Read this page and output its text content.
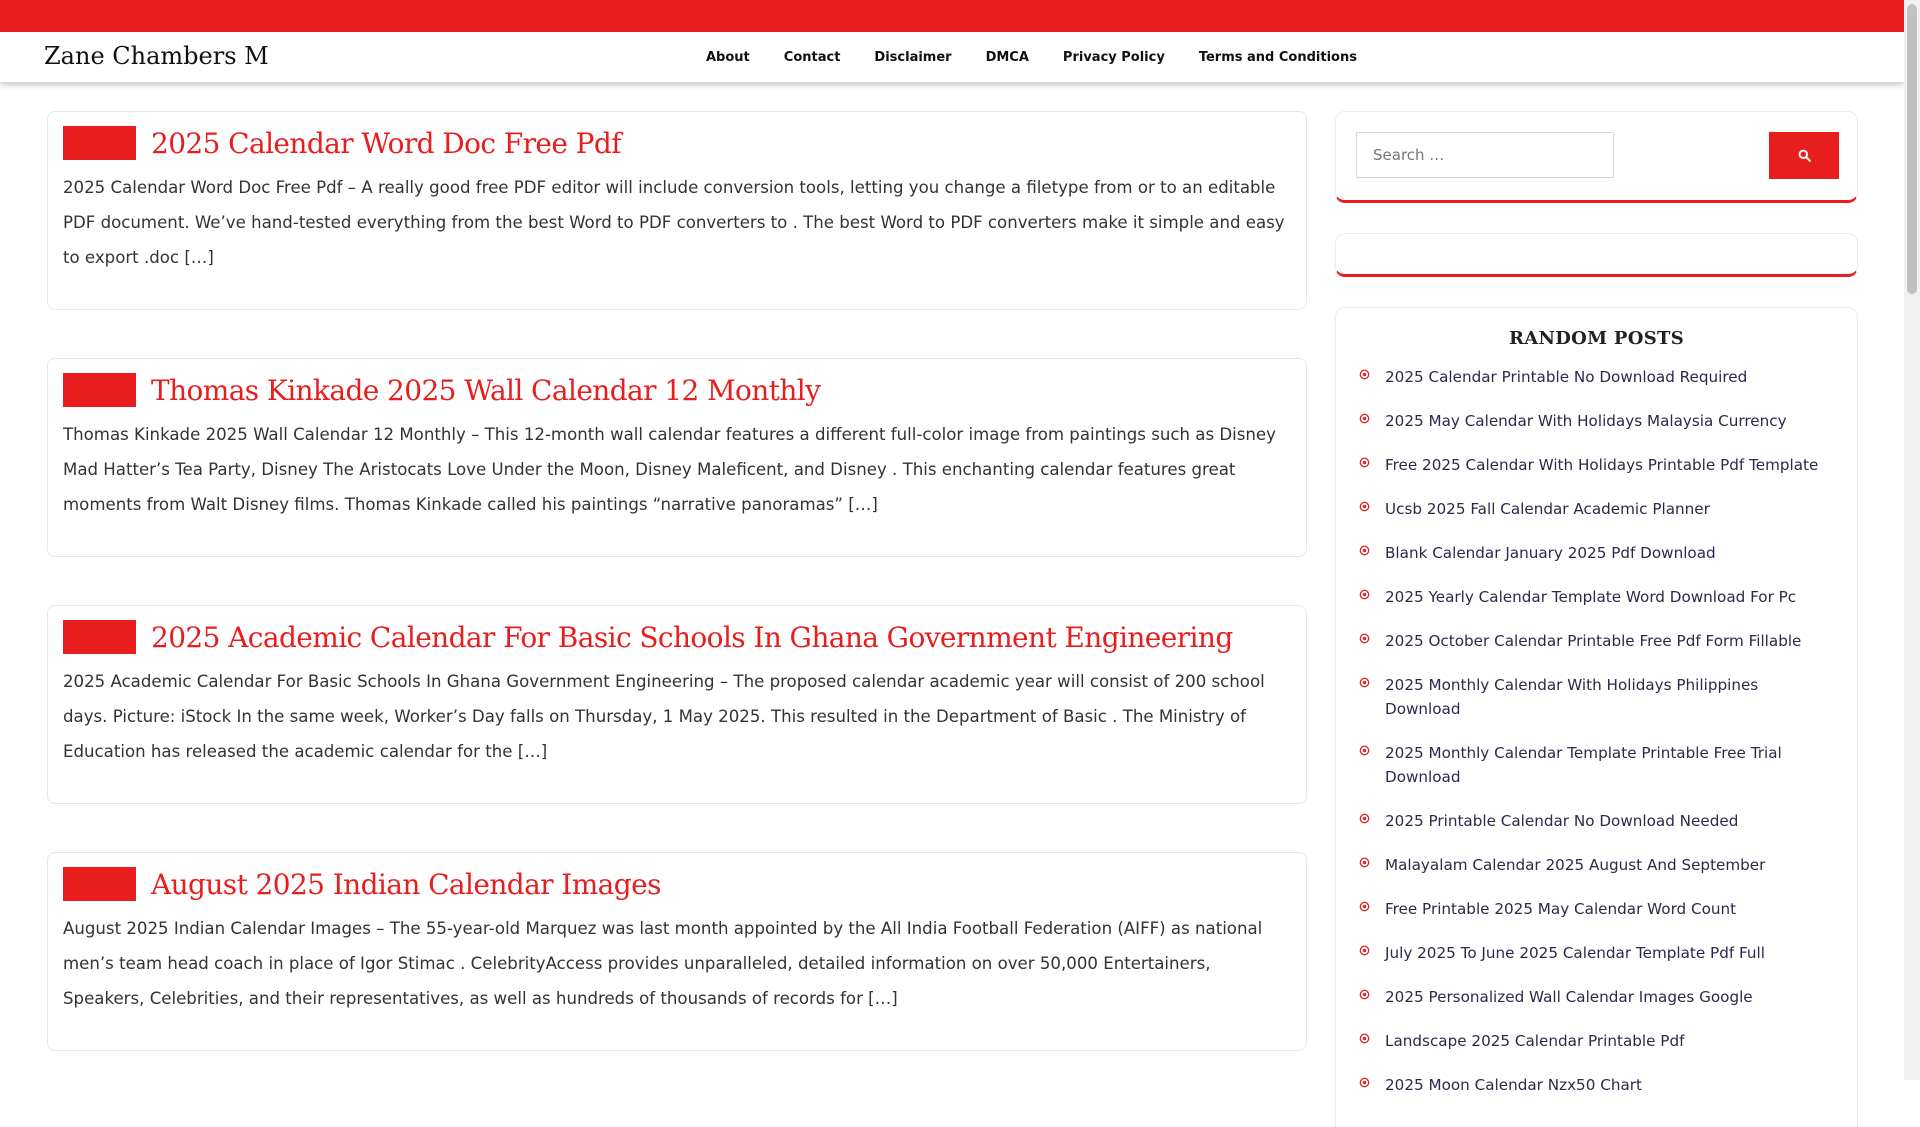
Zane Chambers M	About	Contact	Disclaimer	DMCA	Privacy Policy	Terms and Conditions
2025 Calendar Word Doc Free Pdf

2025 Calendar Word Doc Free Pdf – A really good free PDF editor will include conversion tools, letting you change a filetype from or to an editable PDF document. We’ve hand-tested everything from the best Word to PDF converters to . The best Word to PDF converters make it simple and easy to export .doc […]

Thomas Kinkade 2025 Wall Calendar 12 Monthly

Thomas Kinkade 2025 Wall Calendar 12 Monthly – This 12-month wall calendar features a different full-color image from paintings such as Disney Mad Hatter’s Tea Party, Disney The Aristocats Love Under the Moon, Disney Maleficent, and Disney . This enchanting calendar features great moments from Walt Disney films. Thomas Kinkade called his paintings “narrative panoramas” […]

2025 Academic Calendar For Basic Schools In Ghana Government Engineering

2025 Academic Calendar For Basic Schools In Ghana Government Engineering – The proposed calendar academic year will consist of 200 school days. Picture: iStock In the same week, Worker’s Day falls on Thursday, 1 May 2025. This resulted in the Department of Basic . The Ministry of Education has released the academic calendar for the […]

August 2025 Indian Calendar Images

August 2025 Indian Calendar Images – The 55-year-old Marquez was last month appointed by the All India Football Federation (AIFF) as national men’s team head coach in place of Igor Stimac . CelebrityAccess provides unparalleled, detailed information on over 50,000 Entertainers, Speakers, Celebrities, and their representatives, as well as hundreds of thousands of records for […]

Search …
RANDOM POSTS
2025 Calendar Printable No Download Required
2025 May Calendar With Holidays Malaysia Currency
Free 2025 Calendar With Holidays Printable Pdf Template
Ucsb 2025 Fall Calendar Academic Planner
Blank Calendar January 2025 Pdf Download
2025 Yearly Calendar Template Word Download For Pc
2025 October Calendar Printable Free Pdf Form Fillable
2025 Monthly Calendar With Holidays Philippines Download
2025 Monthly Calendar Template Printable Free Trial Download
2025 Printable Calendar No Download Needed
Malayalam Calendar 2025 August And September
Free Printable 2025 May Calendar Word Count
July 2025 To June 2025 Calendar Template Pdf Full
2025 Personalized Wall Calendar Images Google
Landscape 2025 Calendar Printable Pdf
2025 Moon Calendar Nzx50 Chart
